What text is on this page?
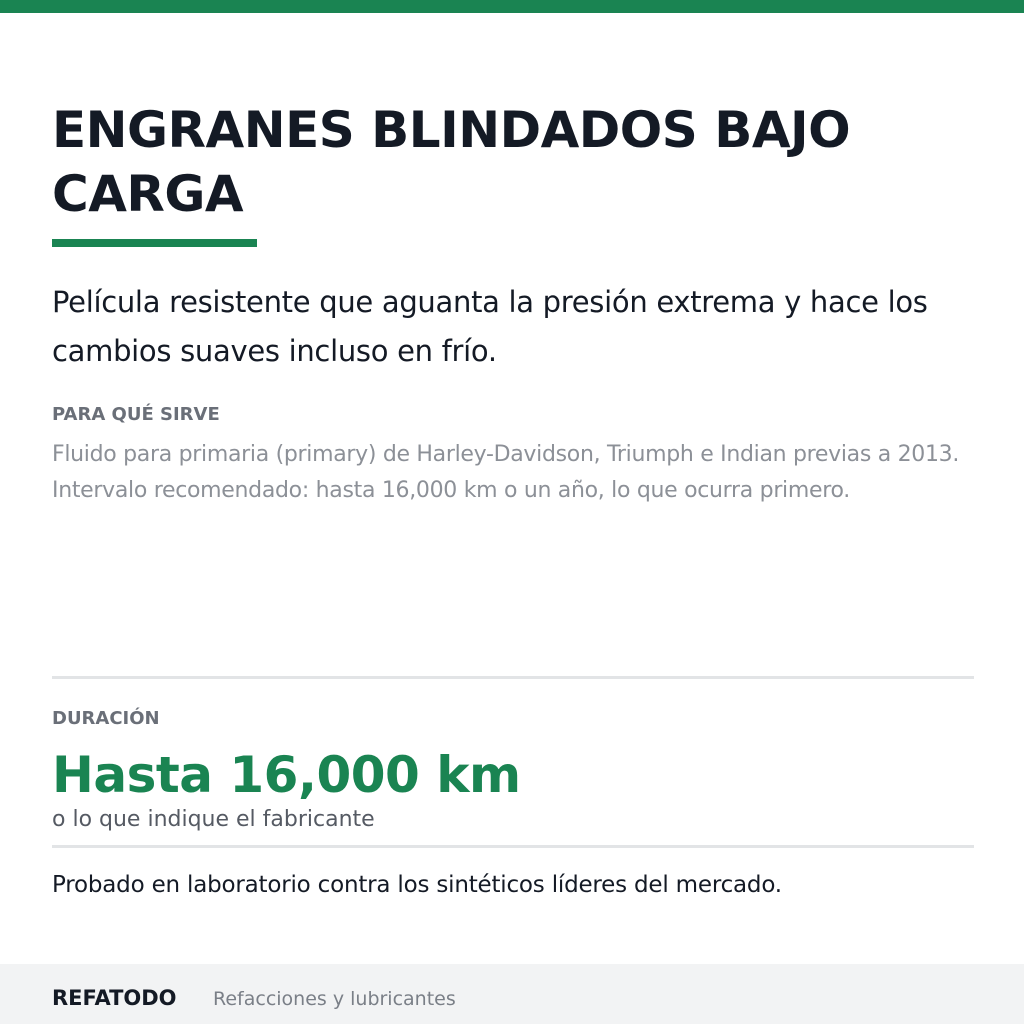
ENGRANES BLINDADOS BAJO CARGA

Película resistente que aguanta la presión extrema y hace los cambios suaves incluso en frío.

PARA QUÉ SIRVE

Fluido para primaria (primary) de Harley-Davidson, Triumph e Indian previas a 2013. Intervalo recomendado: hasta 16,000 km o un año, lo que ocurra primero.

DURACIÓN

Hasta 16,000 km

o lo que indique el fabricante

Probado en laboratorio contra los sintéticos líderes del mercado.

REFATODO Refacciones y lubricantes
